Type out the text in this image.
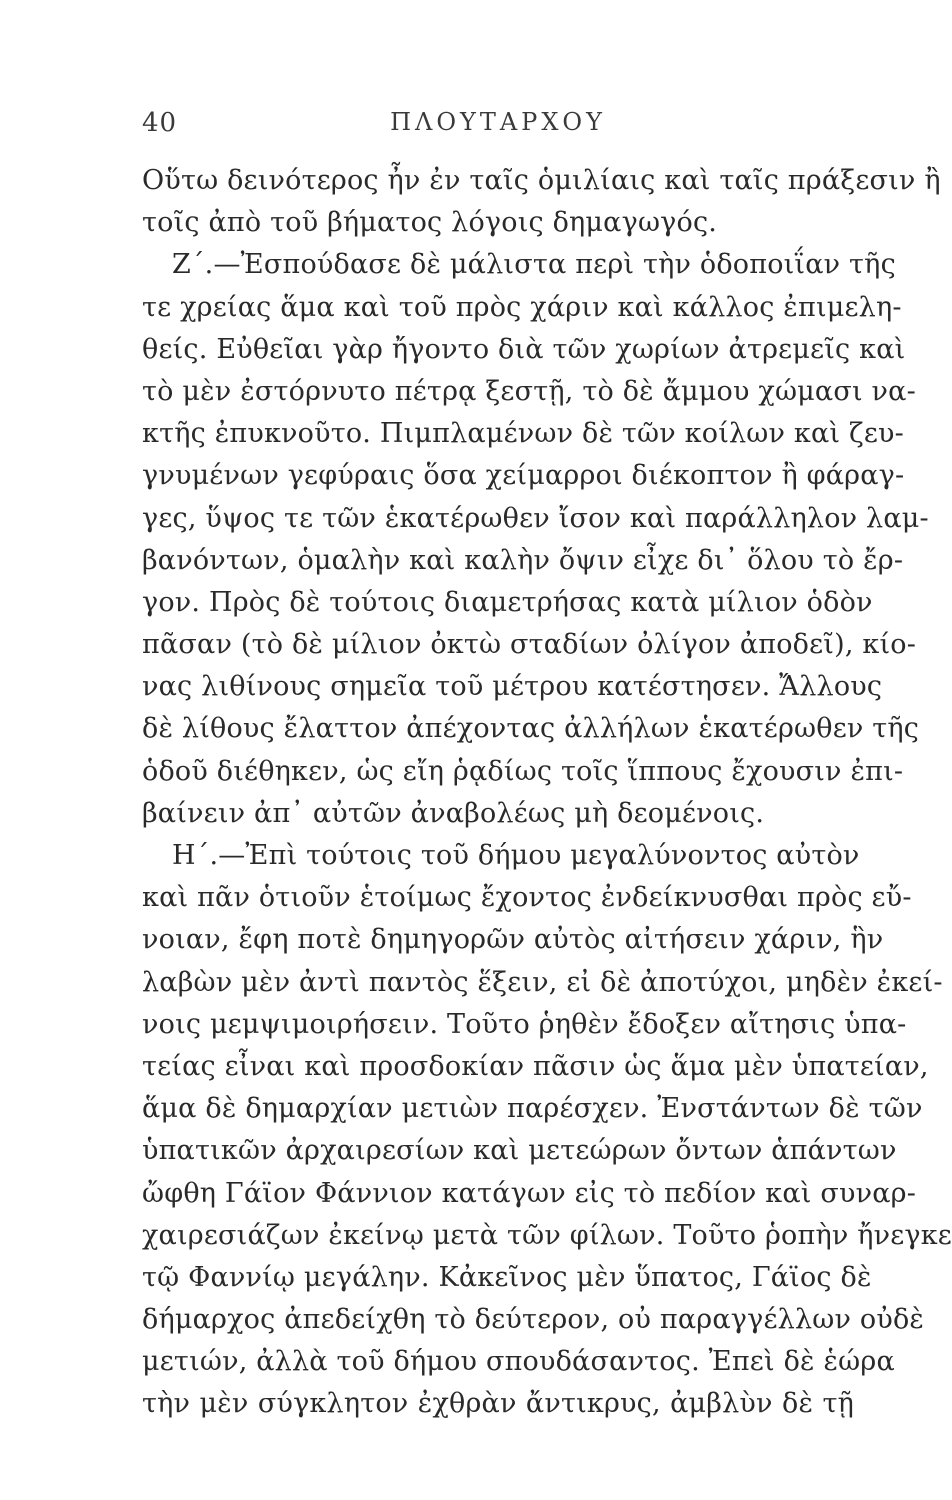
40	ΠΛΟΥΤΑΡΧΟΥ
Οὕτω δεινότερος ἦν ἐν ταῖς ὁμιλίαις καὶ ταῖς πράξεσιν ἢ
τοῖς ἀπὸ τοῦ βήματος λόγοις δημαγωγός.
Ζ΄.—Ἐσπούδασε δὲ μάλιστα περὶ τὴν ὁδοποιΐαν τῆς
τε χρείας ἅμα καὶ τοῦ πρὸς χάριν καὶ κάλλος ἐπιμελη-
θείς. Εὐθεῖαι γὰρ ἤγοντο διὰ τῶν χωρίων ἀτρεμεῖς καὶ
τὸ μὲν ἐστόρνυτο πέτρᾳ ξεστῇ, τὸ δὲ ἄμμου χώμασι να-
κτῆς ἐπυκνοῦτο. Πιμπλαμένων δὲ τῶν κοίλων καὶ ζευ-
γνυμένων γεφύραις ὅσα χείμαρροι διέκοπτον ἢ φάραγ-
γες, ὕψος τε τῶν ἑκατέρωθεν ἴσον καὶ παράλληλον λαμ-
βανόντων, ὁμαλὴν καὶ καλὴν ὄψιν εἶχε δι᾽ ὅλου τὸ ἔρ-
γον. Πρὸς δὲ τούτοις διαμετρήσας κατὰ μίλιον ὁδὸν
πᾶσαν (τὸ δὲ μίλιον ὀκτὼ σταδίων ὀλίγον ἀποδεῖ), κίο-
νας λιθίνους σημεῖα τοῦ μέτρου κατέστησεν. Ἄλλους
δὲ λίθους ἔλαττον ἀπέχοντας ἀλλήλων ἑκατέρωθεν τῆς
ὁδοῦ διέθηκεν, ὡς εἴη ῥᾳδίως τοῖς ἵππους ἔχουσιν ἐπι-
βαίνειν ἀπ᾽ αὐτῶν ἀναβολέως μὴ δεομένοις.
Η΄.—Ἐπὶ τούτοις τοῦ δήμου μεγαλύνοντος αὐτὸν
καὶ πᾶν ὁτιοῦν ἑτοίμως ἔχοντος ἐνδείκνυσθαι πρὸς εὔ-
νοιαν, ἔφη ποτὲ δημηγορῶν αὐτὸς αἰτήσειν χάριν, ἣν
λαβὼν μὲν ἀντὶ παντὸς ἕξειν, εἰ δὲ ἀποτύχοι, μηδὲν ἐκεί-
νοις μεμψιμοιρήσειν. Τοῦτο ῥηθὲν ἔδοξεν αἴτησις ὑπα-
τείας εἶναι καὶ προσδοκίαν πᾶσιν ὡς ἅμα μὲν ὑπατείαν,
ἅμα δὲ δημαρχίαν μετιὼν παρέσχεν. Ἐνστάντων δὲ τῶν
ὑπατικῶν ἀρχαιρεσίων καὶ μετεώρων ὄντων ἁπάντων
ὤφθη Γάϊον Φάννιον κατάγων εἰς τὸ πεδίον καὶ συναρ-
χαιρεσιάζων ἐκείνῳ μετὰ τῶν φίλων. Τοῦτο ῥοπὴν ἤνεγκε
τῷ Φαννίῳ μεγάλην. Κἀκεῖνος μὲν ὕπατος, Γάϊος δὲ
δήμαρχος ἀπεδείχθη τὸ δεύτερον, οὐ παραγγέλλων οὐδὲ
μετιών, ἀλλὰ τοῦ δήμου σπουδάσαντος. Ἐπεὶ δὲ ἑώρα
τὴν μὲν σύγκλητον ἐχθρὰν ἄντικρυς, ἀμβλὺν δὲ τῇ
